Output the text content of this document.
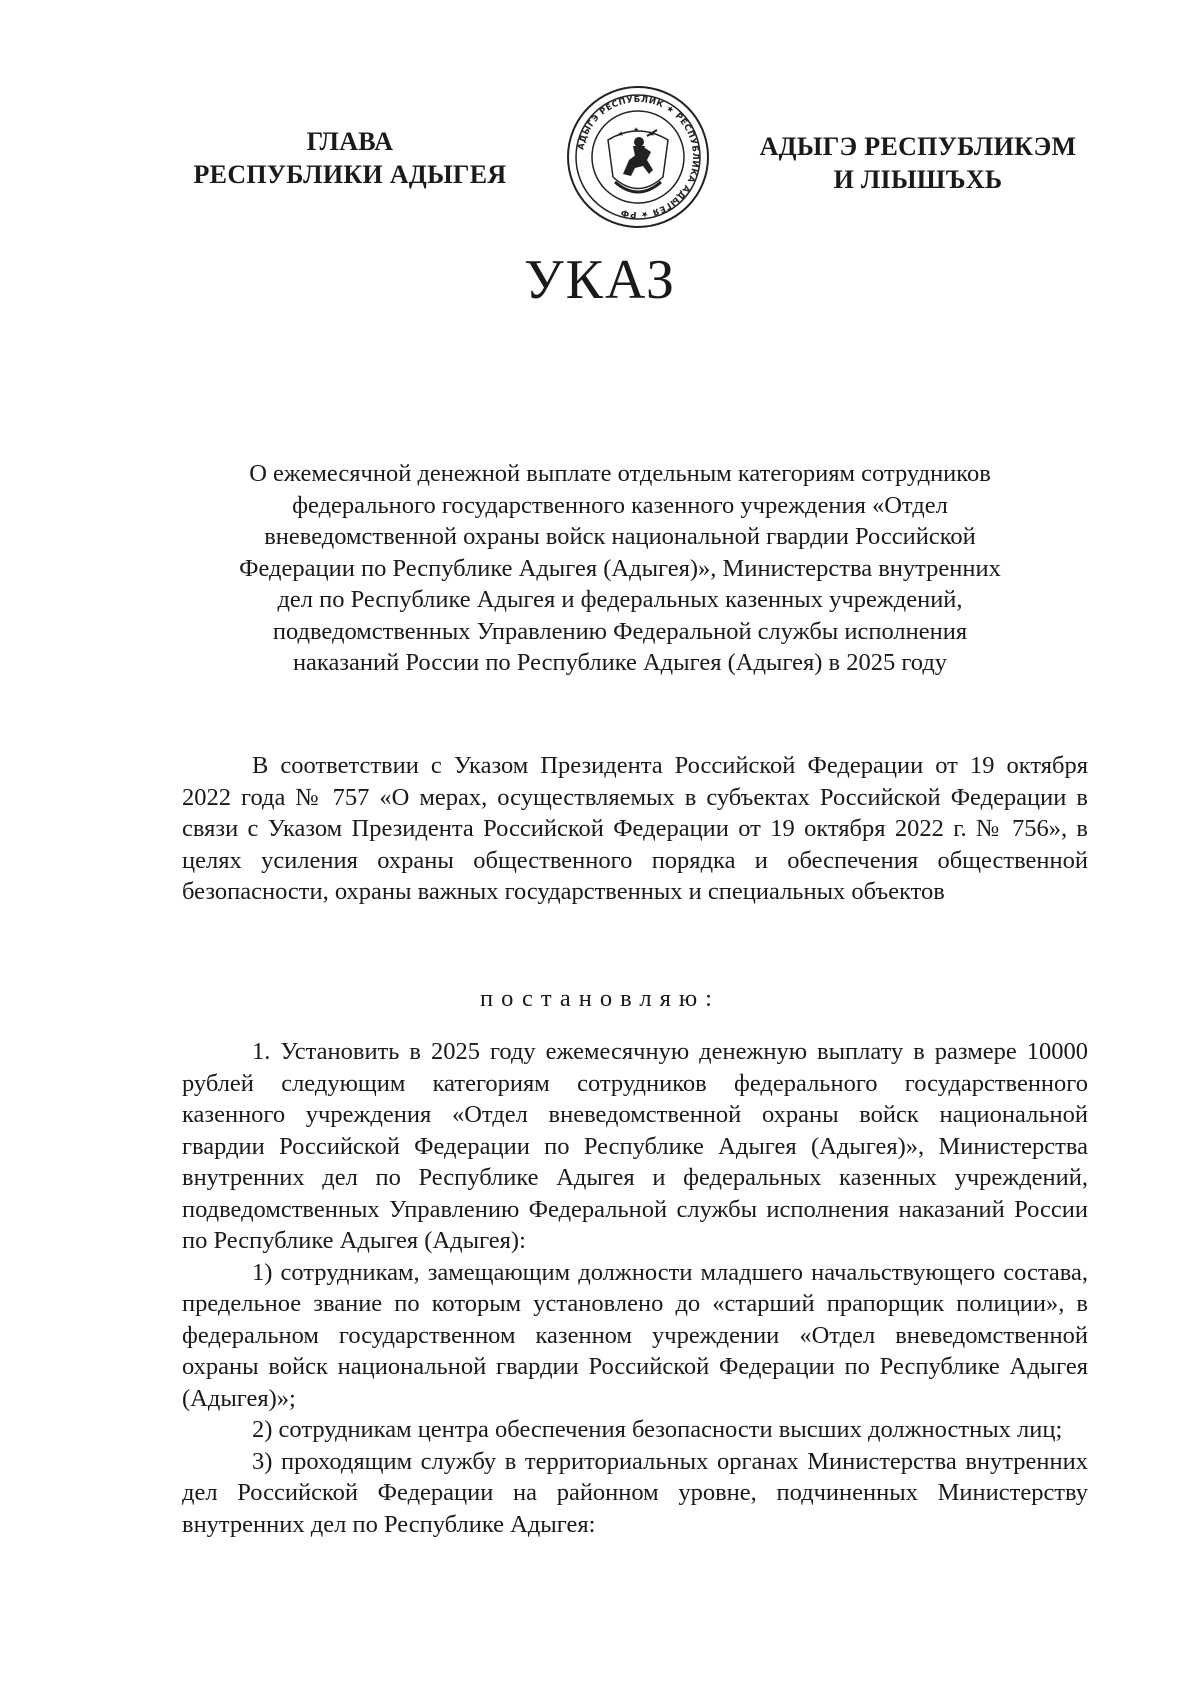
ГЛАВА
РЕСПУБЛИКИ АДЫГЕЯ
АДЫГЭ РЕСПУБЛИК ★ РЕСПУБЛИКА АДЫГЕЯ ★ РФ
★ ★ ★	АДЫГЭ РЕСПУБЛИКЭМ
И ЛІЫШЪХЬ
УКАЗ
О ежемесячной денежной выплате отдельным категориям сотрудников
федерального государственного казенного учреждения «Отдел
вневедомственной охраны войск национальной гвардии Российской
Федерации по Республике Адыгея (Адыгея)», Министерства внутренних
дел по Республике Адыгея и федеральных казенных учреждений,
подведомственных Управлению Федеральной службы исполнения
наказаний России по Республике Адыгея (Адыгея) в 2025 году
В соответствии с Указом Президента Российской Федерации от 19 октября 2022 года № 757 «О мерах, осуществляемых в субъектах Российской Федерации в связи с Указом Президента Российской Федерации от 19 октября 2022 г. № 756», в целях усиления охраны общественного порядка и обеспечения общественной безопасности, охраны важных государственных и специальных объектов
постановляю:

1. Установить в 2025 году ежемесячную денежную выплату в размере 10000 рублей следующим категориям сотрудников федерального государственного казенного учреждения «Отдел вневедомственной охраны войск национальной гвардии Российской Федерации по Республике Адыгея (Адыгея)», Министерства внутренних дел по Республике Адыгея и федеральных казенных учреждений, подведомственных Управлению Федеральной службы исполнения наказаний России по Республике Адыгея (Адыгея):

1) сотрудникам, замещающим должности младшего начальствующего состава, предельное звание по которым установлено до «старший прапорщик полиции», в федеральном государственном казенном учреждении «Отдел вневедомственной охраны войск национальной гвардии Российской Федерации по Республике Адыгея (Адыгея)»;

2) сотрудникам центра обеспечения безопасности высших должностных лиц;

3) проходящим службу в территориальных органах Министерства внутренних дел Российской Федерации на районном уровне, подчиненных Министерству внутренних дел по Республике Адыгея:
